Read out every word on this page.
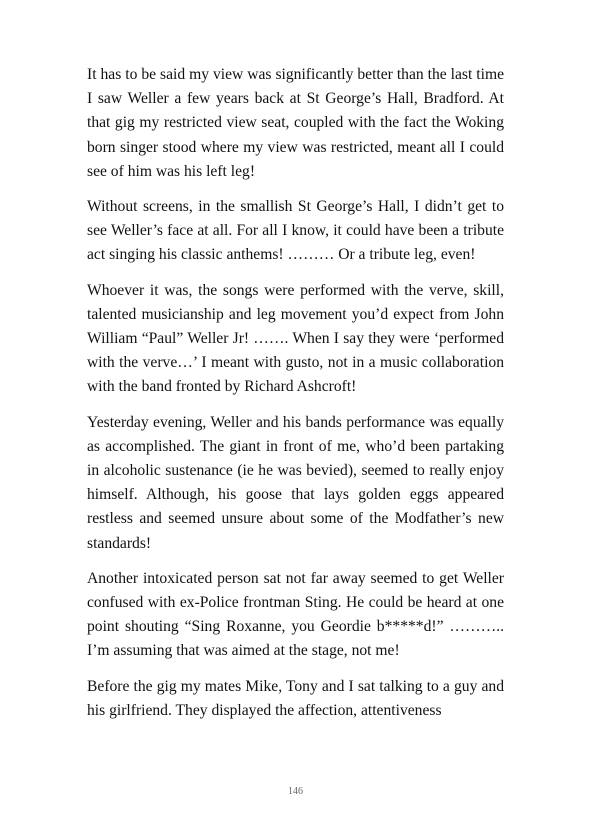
It has to be said my view was significantly better than the last time I saw Weller a few years back at St George’s Hall, Bradford. At that gig my restricted view seat, coupled with the fact the Woking born singer stood where my view was restricted, meant all I could see of him was his left leg!

Without screens, in the smallish St George’s Hall, I didn’t get to see Weller’s face at all. For all I know, it could have been a tribute act singing his classic anthems! ……… Or a tribute leg, even!

Whoever it was, the songs were performed with the verve, skill, talented musicianship and leg movement you’d expect from John William “Paul” Weller Jr! ……. When I say they were ‘performed with the verve…’ I meant with gusto, not in a music collaboration with the band fronted by Richard Ashcroft!

Yesterday evening, Weller and his bands performance was equally as accomplished. The giant in front of me, who’d been partaking in alcoholic sustenance (ie he was bevied), seemed to really enjoy himself. Although, his goose that lays golden eggs appeared restless and seemed unsure about some of the Modfather’s new standards!

Another intoxicated person sat not far away seemed to get Weller confused with ex-Police frontman Sting. He could be heard at one point shouting “Sing Roxanne, you Geordie b*****d!” ……….. I’m assuming that was aimed at the stage, not me!

Before the gig my mates Mike, Tony and I sat talking to a guy and his girlfriend. They displayed the affection, attentiveness

146
